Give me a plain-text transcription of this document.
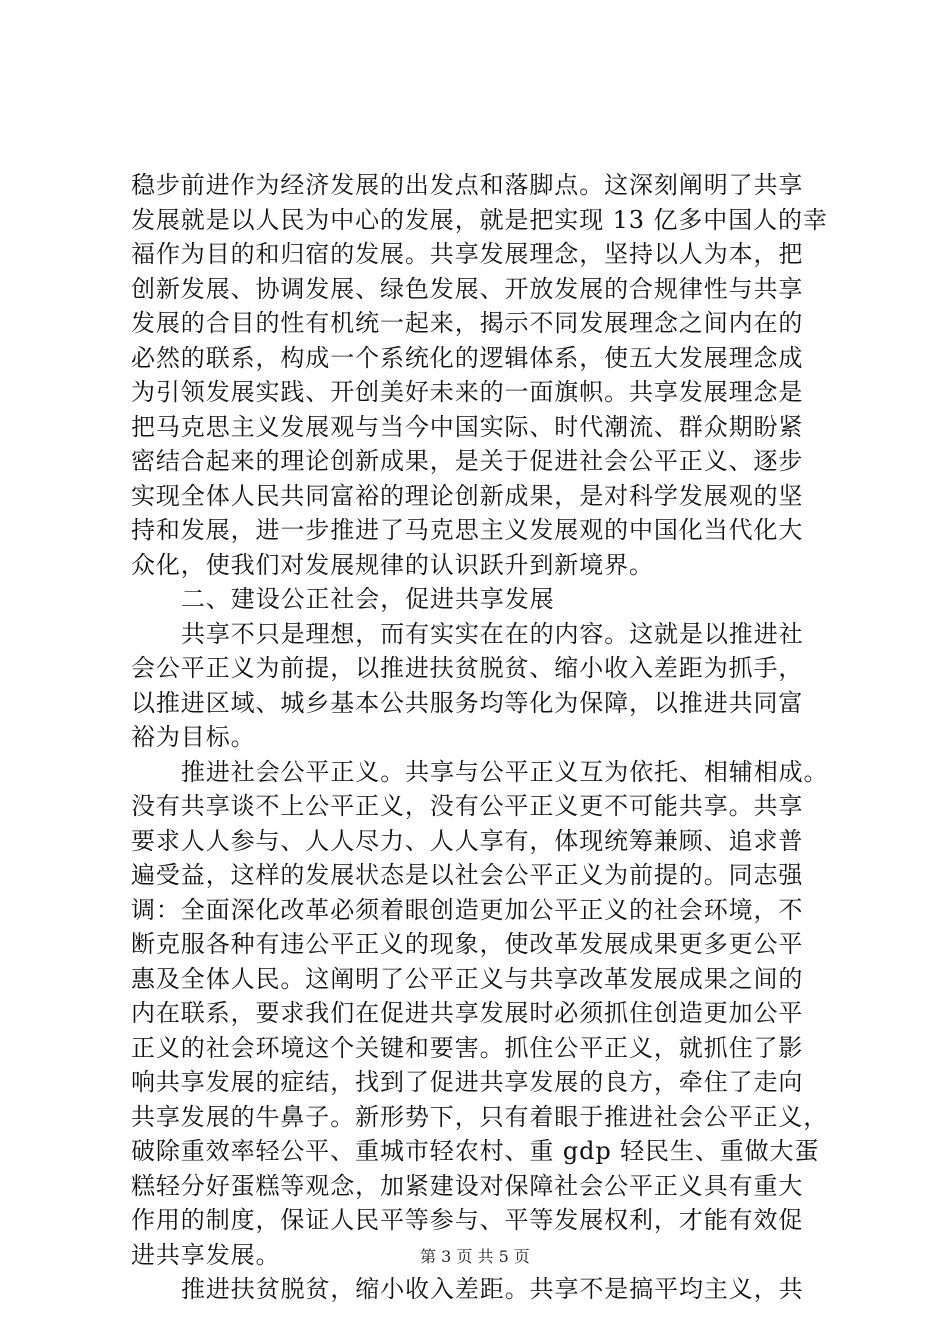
稳步前进作为经济发展的出发点和落脚点。这深刻阐明了共享
发展就是以人民为中心的发展，就是把实现 13 亿多中国人的幸
福作为目的和归宿的发展。共享发展理念，坚持以人为本，把
创新发展、协调发展、绿色发展、开放发展的合规律性与共享
发展的合目的性有机统一起来，揭示不同发展理念之间内在的
必然的联系，构成一个系统化的逻辑体系，使五大发展理念成
为引领发展实践、开创美好未来的一面旗帜。共享发展理念是
把马克思主义发展观与当今中国实际、时代潮流、群众期盼紧
密结合起来的理论创新成果，是关于促进社会公平正义、逐步
实现全体人民共同富裕的理论创新成果，是对科学发展观的坚
持和发展，进一步推进了马克思主义发展观的中国化当代化大
众化，使我们对发展规律的认识跃升到新境界。
二、建设公正社会，促进共享发展
共享不只是理想，而有实实在在的内容。这就是以推进社
会公平正义为前提，以推进扶贫脱贫、缩小收入差距为抓手，
以推进区域、城乡基本公共服务均等化为保障，以推进共同富
裕为目标。
推进社会公平正义。共享与公平正义互为依托、相辅相成。
没有共享谈不上公平正义，没有公平正义更不可能共享。共享
要求人人参与、人人尽力、人人享有，体现统筹兼顾、追求普
遍受益，这样的发展状态是以社会公平正义为前提的。同志强
调：全面深化改革必须着眼创造更加公平正义的社会环境，不
断克服各种有违公平正义的现象，使改革发展成果更多更公平
惠及全体人民。这阐明了公平正义与共享改革发展成果之间的
内在联系，要求我们在促进共享发展时必须抓住创造更加公平
正义的社会环境这个关键和要害。抓住公平正义，就抓住了影
响共享发展的症结，找到了促进共享发展的良方，牵住了走向
共享发展的牛鼻子。新形势下，只有着眼于推进社会公平正义，
破除重效率轻公平、重城市轻农村、重 gdp 轻民生、重做大蛋
糕轻分好蛋糕等观念，加紧建设对保障社会公平正义具有重大
作用的制度，保证人民平等参与、平等发展权利，才能有效促
进共享发展。
推进扶贫脱贫，缩小收入差距。共享不是搞平均主义，共
第 3 页 共 5 页
